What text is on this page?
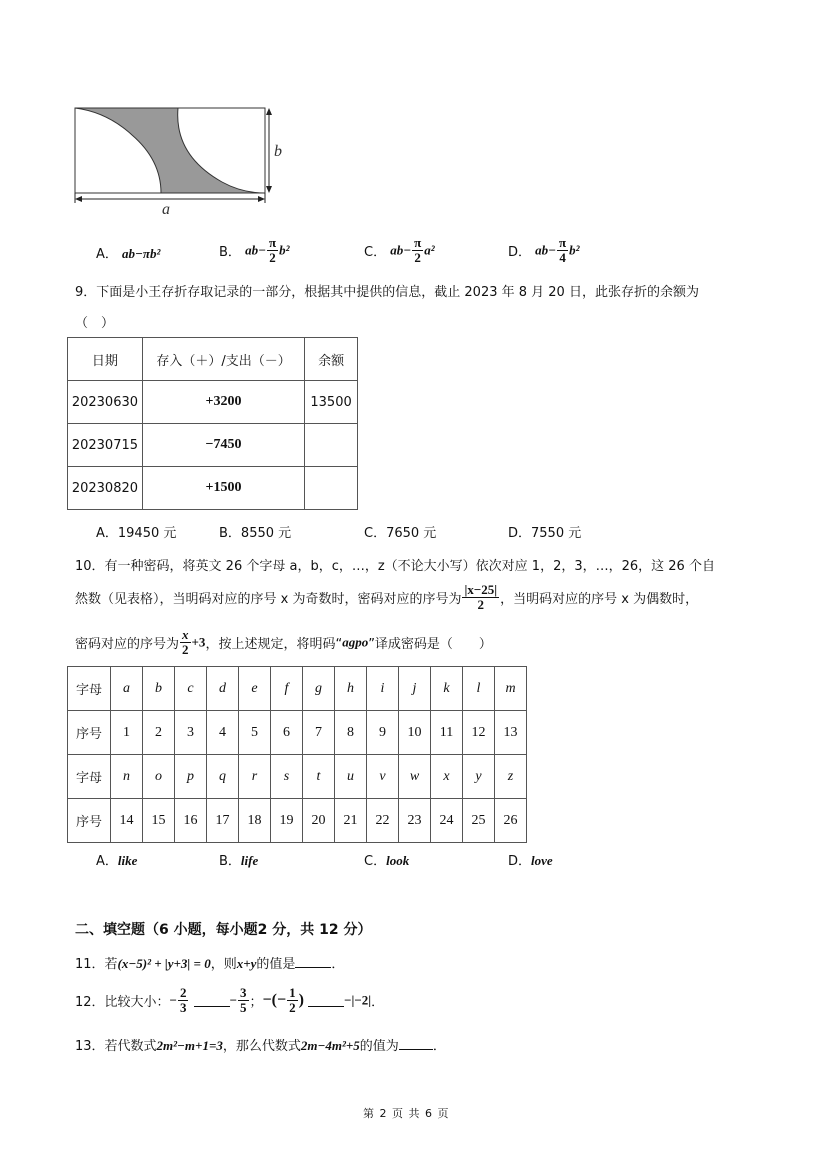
b
a
A． ab−πb²	B． $ab- \frac{\pi}{2} b^2$	C． $ab- \frac{\pi}{2} a^2$	D． $ab- \frac{\pi}{4} b^2$
9．下面是小王存折存取记录的一部分，根据其中提供的信息，截止 2023 年 8 月 20 日，此张存折的余额为
（　）
日期	存入（＋）/支出（－）	余额
20230630	+3200	13500
20230715	−7450	
20230820	+1500	
A．19450 元	B．8550 元	C．7650 元	D．7550 元
10．有一种密码，将英文 26 个字母 a，b，c，…，z（不论大小写）依次对应 1，2，3，…，26，这 26 个自
然数（见表格），当明码对应的序号 x 为奇数时，密码对应的序号为 $\frac{|x-25|}{2}$ ，当明码对应的序号 x 为偶数时，
密码对应的序号为 $\frac{x}{2} +3$，按上述规定，将明码“agpo”译成密码是（　　）
字母	a	b	c	d	e	f	g	h	i	j	k	l	m
序号	1	2	3	4	5	6	7	8	9	10	11	12	13
字母	n	o	p	q	r	s	t	u	v	w	x	y	z
序号	14	15	16	17	18	19	20	21	22	23	24	25	26
A．like	B．life	C．look	D．love
二、填空题（6 小题，每小题2 分，共 12 分）
11．若(x−5)² + |y+3| = 0，则x+y的值是	．
12．比较大小：− $\frac{2}{3}$	− $\frac{3}{5}$ ；−(− $\frac{1}{2}$ )	−|−2|．
13．若代数式2m²−m+1=3，那么代数式2m−4m²+5的值为	．
第 2 页 共 6 页
